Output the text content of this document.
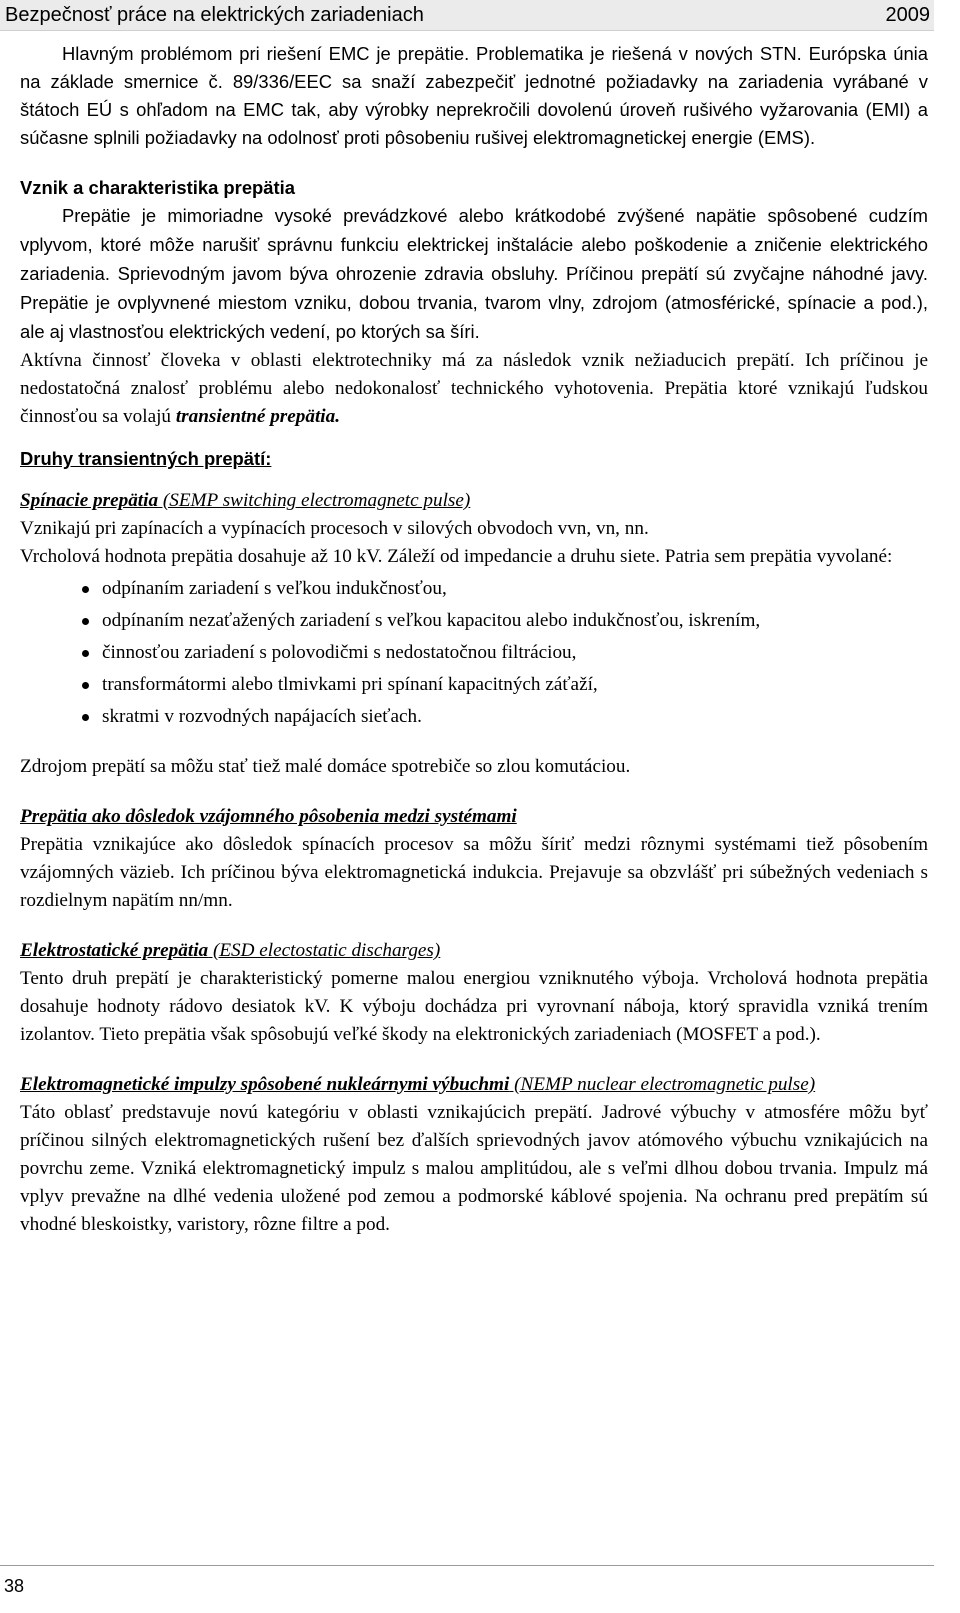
Bezpečnosť práce na elektrických zariadeniach	2009

Hlavným problémom pri riešení EMC je prepätie. Problematika je riešená v nových STN. Európska únia na základe smernice č. 89/336/EEC sa snaží zabezpečiť jednotné požiadavky na zariadenia vyrábané v štátoch EÚ s ohľadom na EMC tak, aby výrobky neprekročili dovolenú úroveň rušivého vyžarovania (EMI) a súčasne splnili požiadavky na odolnosť proti pôsobeniu rušivej elektromagnetickej energie (EMS).

Vznik a charakteristika prepätia

Prepätie je mimoriadne vysoké prevádzkové alebo krátkodobé zvýšené napätie spôsobené cudzím vplyvom, ktoré môže narušiť správnu funkciu elektrickej inštalácie alebo poškodenie a zničenie elektrického zariadenia. Sprievodným javom býva ohrozenie zdravia obsluhy. Príčinou prepätí sú zvyčajne náhodné javy. Prepätie je ovplyvnené miestom vzniku, dobou trvania, tvarom vlny, zdrojom (atmosférické, spínacie a pod.), ale aj vlastnosťou elektrických vedení, po ktorých sa šíri.

Aktívna činnosť človeka v oblasti elektrotechniky má za následok vznik nežiaducich prepätí. Ich príčinou je nedostatočná znalosť problému alebo nedokonalosť technického vyhotovenia. Prepätia ktoré vznikajú ľudskou činnosťou sa volajú transientné prepätia.

Druhy transientných prepätí:
Spínacie prepätia (SEMP switching electromagnetc pulse)

Vznikajú pri zapínacích a vypínacích procesoch v silových obvodoch vvn, vn, nn.

Vrcholová hodnota prepätia dosahuje až 10 kV. Záleží od impedancie a druhu siete. Patria sem prepätia vyvolané:

odpínaním zariadení s veľkou indukčnosťou,
odpínaním nezaťažených zariadení s veľkou kapacitou alebo indukčnosťou, iskrením,
činnosťou zariadení s polovodičmi s nedostatočnou filtráciou,
transformátormi alebo tlmivkami pri spínaní kapacitných záťaží,
skratmi v rozvodných napájacích sieťach.

Zdrojom prepätí sa môžu stať tiež malé domáce spotrebiče so zlou komutáciou.

Prepätia ako dôsledok vzájomného pôsobenia medzi systémami

Prepätia vznikajúce ako dôsledok spínacích procesov sa môžu šíriť medzi rôznymi systémami tiež pôsobením vzájomných väzieb. Ich príčinou býva elektromagnetická indukcia. Prejavuje sa obzvlášť pri súbežných vedeniach s rozdielnym napätím nn/mn.

Elektrostatické prepätia (ESD electostatic discharges)

Tento druh prepätí je charakteristický pomerne malou energiou vzniknutého výboja. Vrcholová hodnota prepätia dosahuje hodnoty rádovo desiatok kV. K výboju dochádza pri vyrovnaní náboja, ktorý spravidla vzniká trením izolantov. Tieto prepätia však spôsobujú veľké škody na elektronických zariadeniach (MOSFET a pod.).

Elektromagnetické impulzy spôsobené nukleárnymi výbuchmi (NEMP nuclear electromagnetic pulse)

Táto oblasť predstavuje novú kategóriu v oblasti vznikajúcich prepätí. Jadrové výbuchy v atmosfére môžu byť príčinou silných elektromagnetických rušení bez ďalších sprievodných javov atómového výbuchu vznikajúcich na povrchu zeme. Vzniká elektromagnetický impulz s malou amplitúdou, ale s veľmi dlhou dobou trvania. Impulz má vplyv prevažne na dlhé vedenia uložené pod zemou a podmorské káblové spojenia. Na ochranu pred prepätím sú vhodné bleskoistky, varistory, rôzne filtre a pod.

38
